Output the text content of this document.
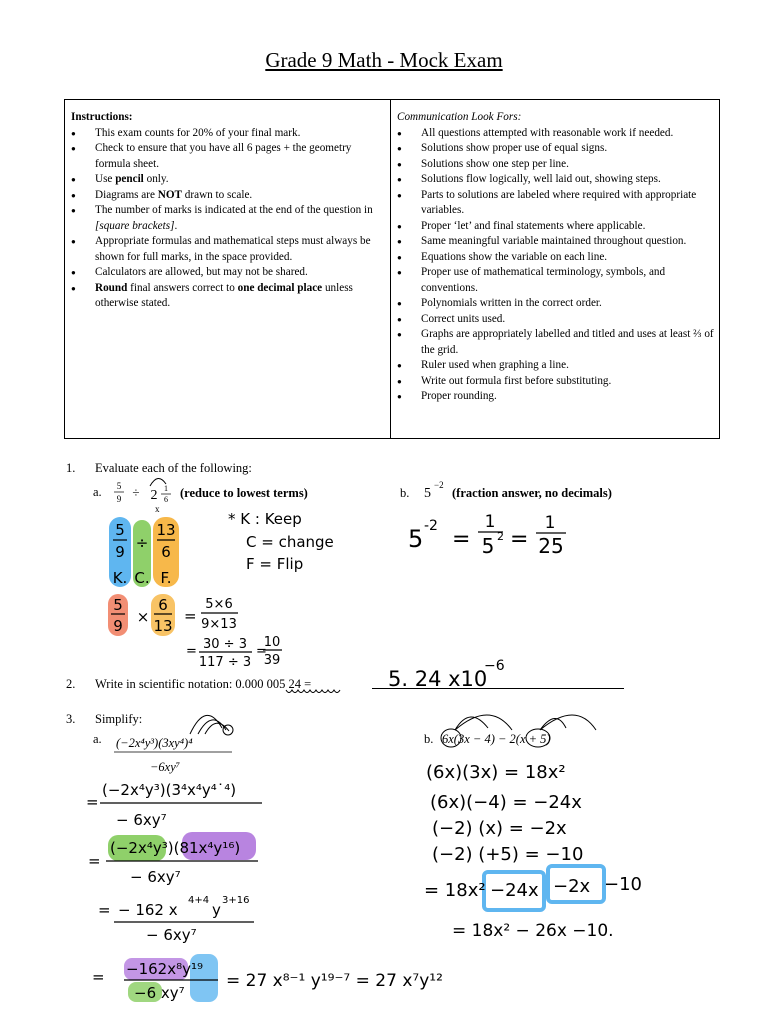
Grade 9 Math - Mock Exam
Instructions:
● This exam counts for 20% of your final mark.
● Check to ensure that you have all 6 pages + the geometry formula sheet.
● Use pencil only.
● Diagrams are NOT drawn to scale.
● The number of marks is indicated at the end of the question in [square brackets].
● Appropriate formulas and mathematical steps must always be shown for full marks, in the space provided.
● Calculators are allowed, but may not be shared.
● Round final answers correct to one decimal place unless otherwise stated.
Communication Look Fors:
● All questions attempted with reasonable work if needed.
● Solutions show proper use of equal signs.
● Solutions show one step per line.
● Solutions flow logically, well laid out, showing steps.
● Parts to solutions are labeled where required with appropriate variables.
● Proper ‘let’ and final statements where applicable.
● Same meaningful variable maintained throughout question.
● Equations show the variable on each line.
● Proper use of mathematical terminology, symbols, and conventions.
● Polynomials written in the correct order.
● Correct units used.
● Graphs are appropriately labelled and titled and uses at least ⅔ of the grid.
● Ruler used when graphing a line.
● Write out formula first before substituting.
● Proper rounding.
1. Evaluate each of the following:
a. 5
9 ÷ 2 1
6
x
(reduce to lowest terms)	b. 5
−2
(fraction answer, no decimals)
5
9 ÷
13
6
K. C. F.
* K : Keep
C = change
F = Flip
5
9 ×
6
13
=
5×6
9×13
= 30 ÷ 3
117 ÷ 3
=
10
39
5 -2
=
1
5 2 =
1
25
2. Write in scientific notation: 0.000 005 24 =	5. 24 x10
−6
3. Simplify:
a. (−2x⁴y³)(3xy⁴)⁴
−6xy⁷
b. 6x(3x − 4) − 2(x + 5)
=
(−2x⁴y³)(3⁴x⁴y⁴˙⁴)
− 6xy⁷
=
(−2x⁴y³)(81x⁴y¹⁶)
− 6xy⁷
= − 162 x
4+4
y
3+16
− 6xy⁷
= −162x⁸y¹⁹
−6 xy⁷
= 27 x⁸⁻¹ y¹⁹⁻⁷ = 27 x⁷y¹²
(6x)(3x) = 18x²
(6x)(−4) = −24x
(−2) (x) = −2x
(−2) (+5) = −10
= 18x² −24x −2x −10
= 18x² − 26x −10.
